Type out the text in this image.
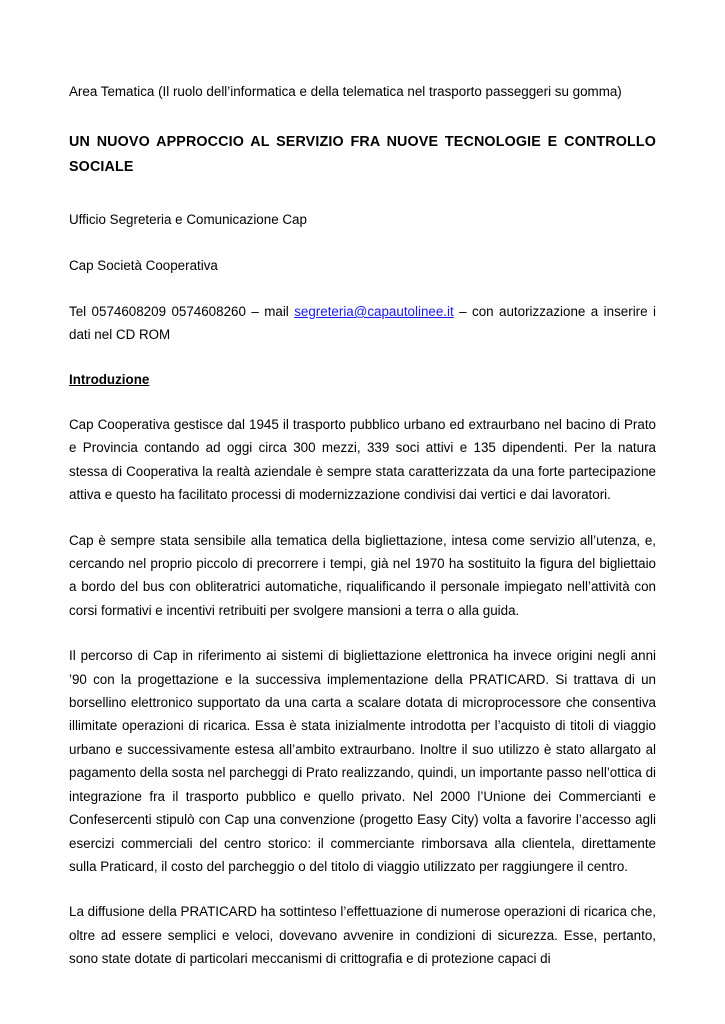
Area Tematica (Il ruolo dell’informatica e della telematica nel trasporto passeggeri su gomma)

UN NUOVO APPROCCIO AL SERVIZIO FRA NUOVE TECNOLOGIE E CONTROLLO SOCIALE

Ufficio Segreteria e Comunicazione Cap

Cap Società Cooperativa

Tel 0574608209 0574608260 – mail segreteria@capautolinee.it – con autorizzazione a inserire i dati nel CD ROM

Introduzione

Cap Cooperativa gestisce dal 1945 il trasporto pubblico urbano ed extraurbano nel bacino di Prato e Provincia contando ad oggi circa 300 mezzi, 339 soci attivi e 135 dipendenti. Per la natura stessa di Cooperativa la realtà aziendale è sempre stata caratterizzata da una forte partecipazione attiva e questo ha facilitato processi di modernizzazione condivisi dai vertici e dai lavoratori.

Cap è sempre stata sensibile alla tematica della bigliettazione, intesa come servizio all’utenza, e, cercando nel proprio piccolo di precorrere i tempi, già nel 1970 ha sostituito la figura del bigliettaio a bordo del bus con obliteratrici automatiche, riqualificando il personale impiegato nell’attività con corsi formativi e incentivi retribuiti per svolgere mansioni a terra o alla guida.

Il percorso di Cap in riferimento ai sistemi di bigliettazione elettronica ha invece origini negli anni ’90 con la progettazione e la successiva implementazione della PRATICARD. Si trattava di un borsellino elettronico supportato da una carta a scalare dotata di microprocessore che consentiva illimitate operazioni di ricarica. Essa è stata inizialmente introdotta per l’acquisto di titoli di viaggio urbano e successivamente estesa all’ambito extraurbano. Inoltre il suo utilizzo è stato allargato al pagamento della sosta nel parcheggi di Prato realizzando, quindi, un importante passo nell’ottica di integrazione fra il trasporto pubblico e quello privato. Nel 2000 l’Unione dei Commercianti e Confesercenti stipulò con Cap una convenzione (progetto Easy City) volta a favorire l’accesso agli esercizi commerciali del centro storico: il commerciante rimborsava alla clientela, direttamente sulla Praticard, il costo del parcheggio o del titolo di viaggio utilizzato per raggiungere il centro.

La diffusione della PRATICARD ha sottinteso l’effettuazione di numerose operazioni di ricarica che, oltre ad essere semplici e veloci, dovevano avvenire in condizioni di sicurezza. Esse, pertanto, sono state dotate di particolari meccanismi di crittografia e di protezione capaci di
